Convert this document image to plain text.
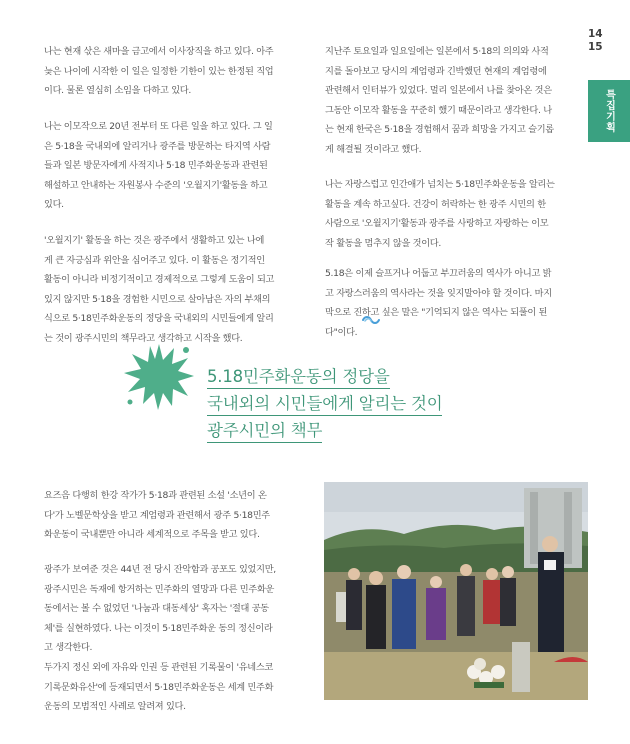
14
15
특집기획

나는 현재 삯은 새마을 금고에서 이사장직을 하고 있다. 아주
늦은 나이에 시작한 이 일은 일정한 기한이 있는 한정된 직업
이다. 물론 열심히 소임을 다하고 있다.

나는 이모작으로 20년 전부터 또 다른 일을 하고 있다. 그 일
은 5·18을 국내외에 알리거나 광주를 방문하는 타지역 사람
들과 일본 방문자에게 사적지나 5·18 민주화운동과 관련된
해설하고 안내하는 자원봉사 수준의 '오월지기'활동을 하고
있다.

'오월지기' 활동을 하는 것은 광주에서 생활하고 있는 나에
게 큰 자긍심과 위안을 심어주고 있다. 이 활동은 정기적인
활동이 아니라 비정기적이고 경제적으로 그렇게 도움이 되고
있지 않지만 5·18을 경험한 시민으로 살아남은 자의 부채의
식으로 5·18민주화운동의 정당을 국내외의 시민들에게 알리
는 것이 광주시민의 책무라고 생각하고 시작을 했다.

지난주 토요일과 일요일에는 일본에서 5·18의 의의와 사적
지를 돌아보고 당시의 계엄령과 긴박했던 현재의 계엄령에
관련해서 인터뷰가 있었다. 멀리 일본에서 나를 찾아온 것은
그동안 이모작 활동을 꾸준히 했기 때문이라고 생각한다. 나
는 현재 한국은 5·18을 경험해서 꿈과 희망을 가지고 슬기롭
게 해결될 것이라고 했다.

나는 자랑스럽고 인간애가 넘치는 5·18민주화운동을 알리는
활동을 계속 하고싶다. 건강이 허락하는 한 광주 시민의 한
사람으로 '오월지기'활동과 광주를 사랑하고 자랑하는 이모
작 활동을 멈추지 않을 것이다.

5.18은 이제 슬프거나 어둡고 부끄러움의 역사가 아니고 밝
고 자랑스러움의 역사라는 것을 잊지말아야 할 것이다. 마지
막으로 진하고 싶은 말은 "기억되지 않은 역사는 되풀이 된
다"이다.

5.18민주화운동의 정당을
국내외의 시민들에게 알리는 것이
광주시민의 책무

요즈음 다행히 한강 작가가 5·18과 관련된 소설 '소년이 온
다'가 노벨문학상을 받고 계엄령과 관련해서 광주 5·18민주
화운동이 국내뿐만 아니라 세계적으로 주목을 받고 있다.

광주가 보여준 것은 44년 전 당시 잔악함과 공포도 있었지만,
광주시민은 독재에 항거하는 민주화의 열망과 다른 민주화운
동에서는 볼 수 없었던 '나눔과 대동세상' 혹자는 '절대 공동
체'를 실현하였다. 나는 이것이 5·18민주화운 동의 정신이라
고 생각한다.
두가지 정신 외에 자유와 인권 등 관련된 기록물이 '유네스코
기록문화유산'에 등재되면서 5·18민주화운동은 세계 민주화
운동의 모범적인 사례로 알려져 있다.
